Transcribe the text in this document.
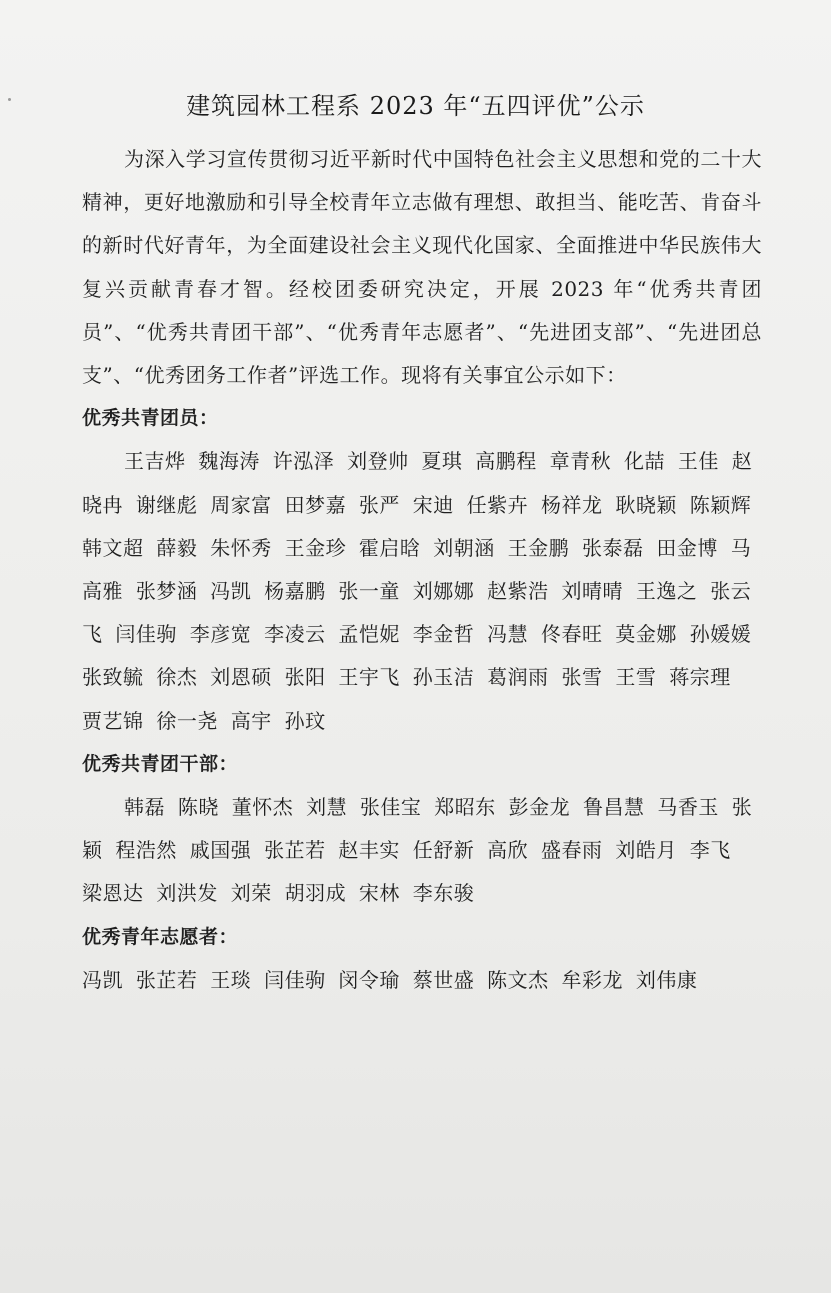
建筑园林工程系 2023 年“五四评优”公示

为深入学习宣传贯彻习近平新时代中国特色社会主义思想和党的二十大精神，更好地激励和引导全校青年立志做有理想、敢担当、能吃苦、肯奋斗的新时代好青年，为全面建设社会主义现代化国家、全面推进中华民族伟大复兴贡献青春才智。经校团委研究决定，开展 2023 年“优秀共青团员”、“优秀共青团干部”、“优秀青年志愿者”、“先进团支部”、“先进团总支”、“优秀团务工作者”评选工作。现将有关事宜公示如下：

优秀共青团员：

王吉烨 魏海涛 许泓泽 刘登帅 夏琪 高鹏程 章青秋 化喆 王佳 赵晓冉 谢继彪 周家富 田梦嘉 张严 宋迪 任紫卉 杨祥龙 耿晓颖 陈颖辉 韩文超 薛毅 朱怀秀 王金珍 霍启晗 刘朝涵 王金鹏 张泰磊 田金博 马高雅 张梦涵 冯凯 杨嘉鹏 张一童 刘娜娜 赵紫浩 刘晴晴 王逸之 张云飞 闫佳驹 李彦宽 李凌云 孟恺妮 李金哲 冯慧 佟春旺 莫金娜 孙媛媛 张致毓 徐杰 刘恩硕 张阳 王宇飞 孙玉洁 葛润雨 张雪 王雪 蒋宗理 贾艺锦 徐一尧 高宇 孙玟

优秀共青团干部：

韩磊 陈晓 董怀杰 刘慧 张佳宝 郑昭东 彭金龙 鲁昌慧 马香玉 张颖 程浩然 戚国强 张芷若 赵丰实 任舒新 高欣 盛春雨 刘皓月 李飞 梁恩达 刘洪发 刘荣 胡羽成 宋林 李东骏

优秀青年志愿者：

冯凯 张芷若 王琰 闫佳驹 闵令瑜 蔡世盛 陈文杰 牟彩龙 刘伟康
